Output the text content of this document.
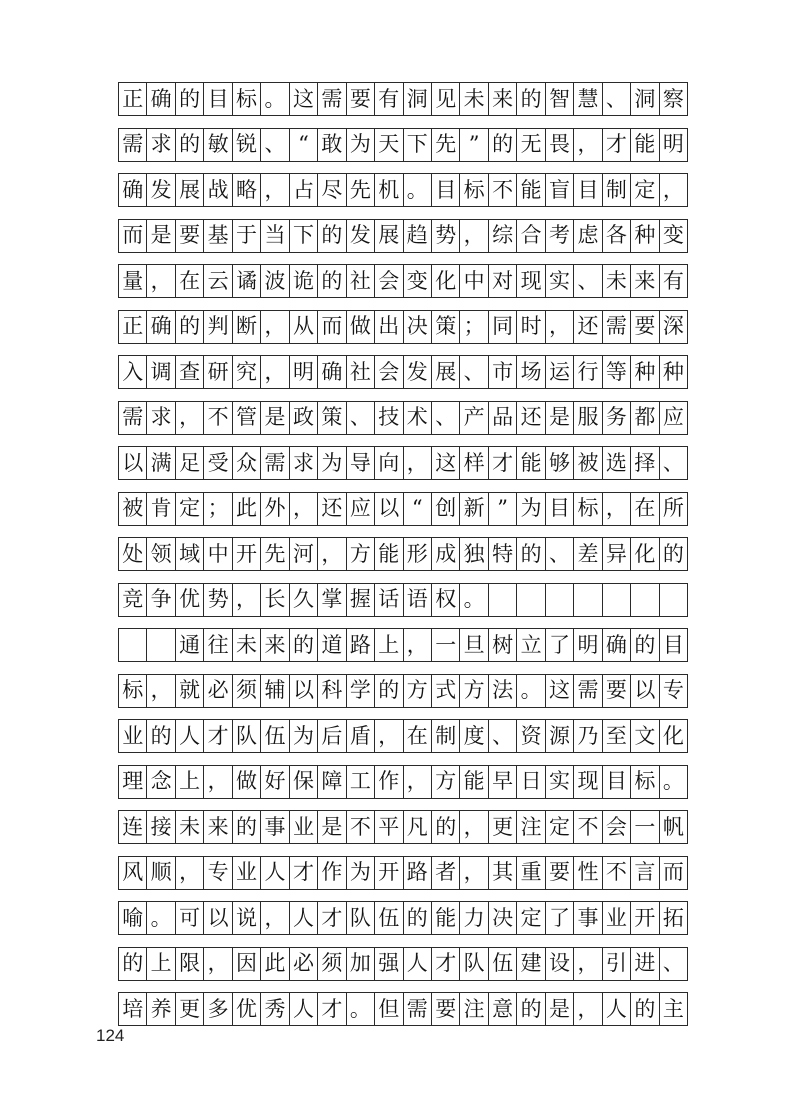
正 确 的 目 标 。 这 需 要 有 洞 见 未 来 的 智 慧 、 洞 察
需 求 的 敏 锐 、 “ 敢 为 天 下 先 ” 的 无 畏 ， 才 能 明
确 发 展 战 略 ， 占 尽 先 机 。 目 标 不 能 盲 目 制 定 ，
而 是 要 基 于 当 下 的 发 展 趋 势 ， 综 合 考 虑 各 种 变
量 ， 在 云 谲 波 诡 的 社 会 变 化 中 对 现 实 、 未 来 有
正 确 的 判 断 ， 从 而 做 出 决 策 ； 同 时 ， 还 需 要 深
入 调 查 研 究 ， 明 确 社 会 发 展 、 市 场 运 行 等 种 种
需 求 ， 不 管 是 政 策 、 技 术 、 产 品 还 是 服 务 都 应
以 满 足 受 众 需 求 为 导 向 ， 这 样 才 能 够 被 选 择 、
被 肯 定 ； 此 外 ， 还 应 以 “ 创 新 ” 为 目 标 ， 在 所
处 领 域 中 开 先 河 ， 方 能 形 成 独 特 的 、 差 异 化 的
竞 争 优 势 ， 长 久 掌 握 话 语 权 。
通 往 未 来 的 道 路 上 ， 一 旦 树 立 了 明 确 的 目
标 ， 就 必 须 辅 以 科 学 的 方 式 方 法 。 这 需 要 以 专
业 的 人 才 队 伍 为 后 盾 ， 在 制 度 、 资 源 乃 至 文 化
理 念 上 ， 做 好 保 障 工 作 ， 方 能 早 日 实 现 目 标 。
连 接 未 来 的 事 业 是 不 平 凡 的 ， 更 注 定 不 会 一 帆
风 顺 ， 专 业 人 才 作 为 开 路 者 ， 其 重 要 性 不 言 而
喻 。 可 以 说 ， 人 才 队 伍 的 能 力 决 定 了 事 业 开 拓
的 上 限 ， 因 此 必 须 加 强 人 才 队 伍 建 设 ， 引 进 、
培 养 更 多 优 秀 人 才 。 但 需 要 注 意 的 是 ， 人 的 主
124
